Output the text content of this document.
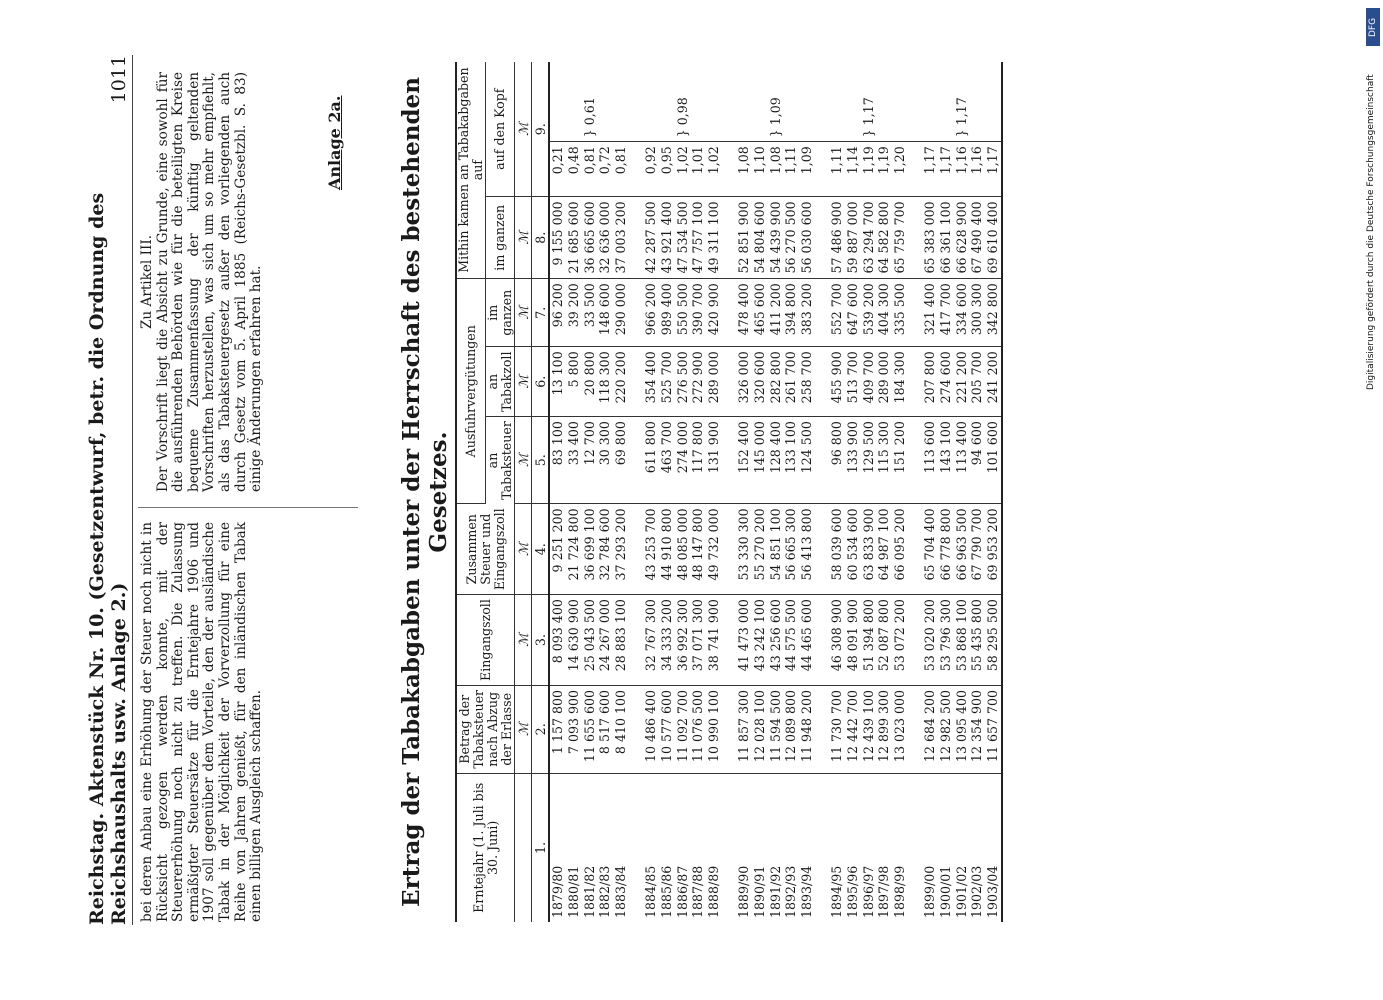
Reichstag. Aktenstück Nr. 10. (Gesetzentwurf, betr. die Ordnung des Reichshaushalts usw. Anlage 2.)
1011

bei deren Anbau eine Erhöhung der Steuer noch nicht in Rücksicht gezogen werden konnte, mit der Steuererhöhung noch nicht zu treffen. Die Zulassung ermäßigter Steuersätze für die Erntejahre 1906 und 1907 soll gegenüber dem Vorteile, den der ausländische Tabak in der Möglichkeit der Vorverzollung für eine Reihe von Jahren genießt, für den inländischen Tabak einen billigen Ausgleich schaffen.

Zu Artikel III. Der Vorschrift liegt die Absicht zu Grunde, eine sowohl für die ausführenden Behörden wie für die beteiligten Kreise bequeme Zusammenfassung der künftig geltenden Vorschriften herzustellen, was sich um so mehr empfiehlt, als das Tabaksteuergesetz außer den vorliegenden auch durch Gesetz vom 5. April 1885 (Reichs-Gesetzbl. S. 83) einige Änderungen erfahren hat.

Anlage 2a. Ertrag der Tabakabgaben unter der Herrschaft des bestehenden Gesetzes.
Erntejahr (1. Juli bis 30. Juni)	Betrag der Tabaksteuer nach Abzug der Erlasse	Eingangszoll	Zusammen Steuer und Eingangszoll	Ausfuhrvergütungen			Mithin kamen an Tabakabgaben auf		
				an Tabaksteuer	an Tabakzoll	im ganzen	im ganzen	auf den Kopf	
	ℳ	ℳ	ℳ	ℳ	ℳ	ℳ	ℳ	ℳ	
1.	2.	3.	4.	5.	6.	7.	8.	9.	
1879/80	1 157 800	8 093 400	9 251 200	83 100	13 100	96 200	9 155 000	0,21	} 0,61
1880/81	7 093 900	14 630 900	21 724 800	33 400	5 800	39 200	21 685 600	0,48	
1881/82	11 655 600	25 043 500	36 699 100	12 700	20 800	33 500	36 665 600	0,81	
1882/83	8 517 600	24 267 000	32 784 600	30 300	118 300	148 600	32 636 000	0,72	
1883/84	8 410 100	28 883 100	37 293 200	69 800	220 200	290 000	37 003 200	0,81	

1884/85	10 486 400	32 767 300	43 253 700	611 800	354 400	966 200	42 287 500	0,92	} 0,98
1885/86	10 577 600	34 333 200	44 910 800	463 700	525 700	989 400	43 921 400	0,95	
1886/87	11 092 700	36 992 300	48 085 000	274 000	276 500	550 500	47 534 500	1,02	
1887/88	11 076 500	37 071 300	48 147 800	117 800	272 900	390 700	47 757 100	1,01	
1888/89	10 990 100	38 741 900	49 732 000	131 900	289 000	420 900	49 311 100	1,02	

1889/90	11 857 300	41 473 000	53 330 300	152 400	326 000	478 400	52 851 900	1,08	} 1,09
1890/91	12 028 100	43 242 100	55 270 200	145 000	320 600	465 600	54 804 600	1,10	
1891/92	11 594 500	43 256 600	54 851 100	128 400	282 800	411 200	54 439 900	1,08	
1892/93	12 089 800	44 575 500	56 665 300	133 100	261 700	394 800	56 270 500	1,11	
1893/94	11 948 200	44 465 600	56 413 800	124 500	258 700	383 200	56 030 600	1,09	

1894/95	11 730 700	46 308 900	58 039 600	96 800	455 900	552 700	57 486 900	1,11	} 1,17
1895/96	12 442 700	48 091 900	60 534 600	133 900	513 700	647 600	59 887 000	1,14	
1896/97	12 439 100	51 394 800	63 833 900	129 500	409 700	539 200	63 294 700	1,19	
1897/98	12 899 300	52 087 800	64 987 100	115 300	289 000	404 300	64 582 800	1,19	
1898/99	13 023 000	53 072 200	66 095 200	151 200	184 300	335 500	65 759 700	1,20	

1899/00	12 684 200	53 020 200	65 704 400	113 600	207 800	321 400	65 383 000	1,17	} 1,17
1900/01	12 982 500	53 796 300	66 778 800	143 100	274 600	417 700	66 361 100	1,17	
1901/02	13 095 400	53 868 100	66 963 500	113 400	221 200	334 600	66 628 900	1,16	
1902/03	12 354 900	55 435 800	67 790 700	94 600	205 700	300 300	67 490 400	1,16	
1903/04	11 657 700	58 295 500	69 953 200	101 600	241 200	342 800	69 610 400	1,17		Digitalisierung gefördert durch die Deutsche Forschungsgemeinschaft
DFG
